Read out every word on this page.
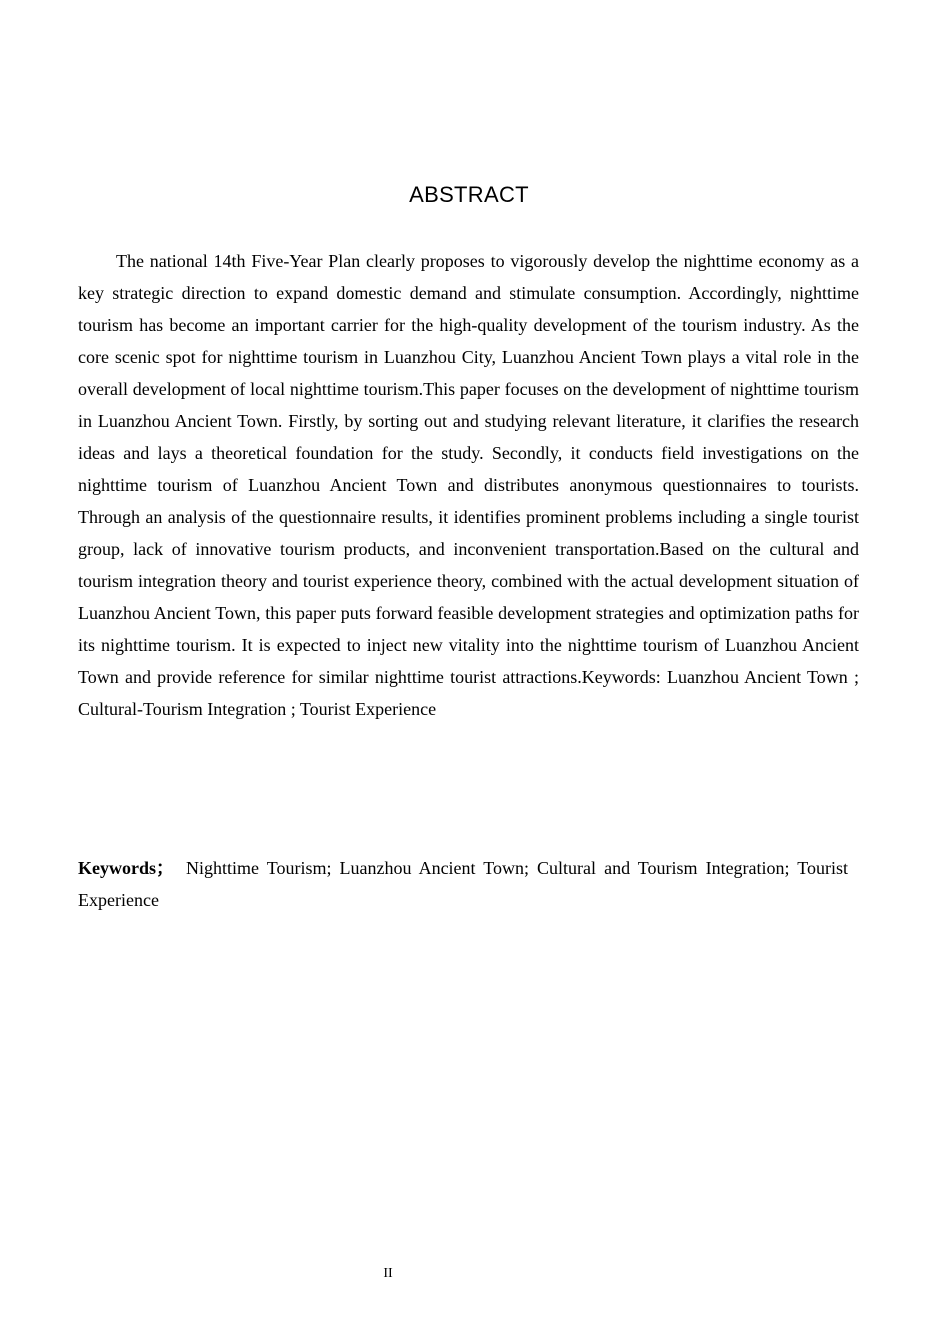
ABSTRACT

The national 14th Five-Year Plan clearly proposes to vigorously develop the nighttime economy as a key strategic direction to expand domestic demand and stimulate consumption. Accordingly, nighttime tourism has become an important carrier for the high-quality development of the tourism industry. As the core scenic spot for nighttime tourism in Luanzhou City, Luanzhou Ancient Town plays a vital role in the overall development of local nighttime tourism.This paper focuses on the development of nighttime tourism in Luanzhou Ancient Town. Firstly, by sorting out and studying relevant literature, it clarifies the research ideas and lays a theoretical foundation for the study. Secondly, it conducts field investigations on the nighttime tourism of Luanzhou Ancient Town and distributes anonymous questionnaires to tourists. Through an analysis of the questionnaire results, it identifies prominent problems including a single tourist group, lack of innovative tourism products, and inconvenient transportation.Based on the cultural and tourism integration theory and tourist experience theory, combined with the actual development situation of Luanzhou Ancient Town, this paper puts forward feasible development strategies and optimization paths for its nighttime tourism. It is expected to inject new vitality into the nighttime tourism of Luanzhou Ancient Town and provide reference for similar nighttime tourist attractions.Keywords: Luanzhou Ancient Town ; Cultural-Tourism Integration ; Tourist Experience

Keywords； Nighttime Tourism; Luanzhou Ancient Town; Cultural and Tourism Integration; Tourist Experience

II
